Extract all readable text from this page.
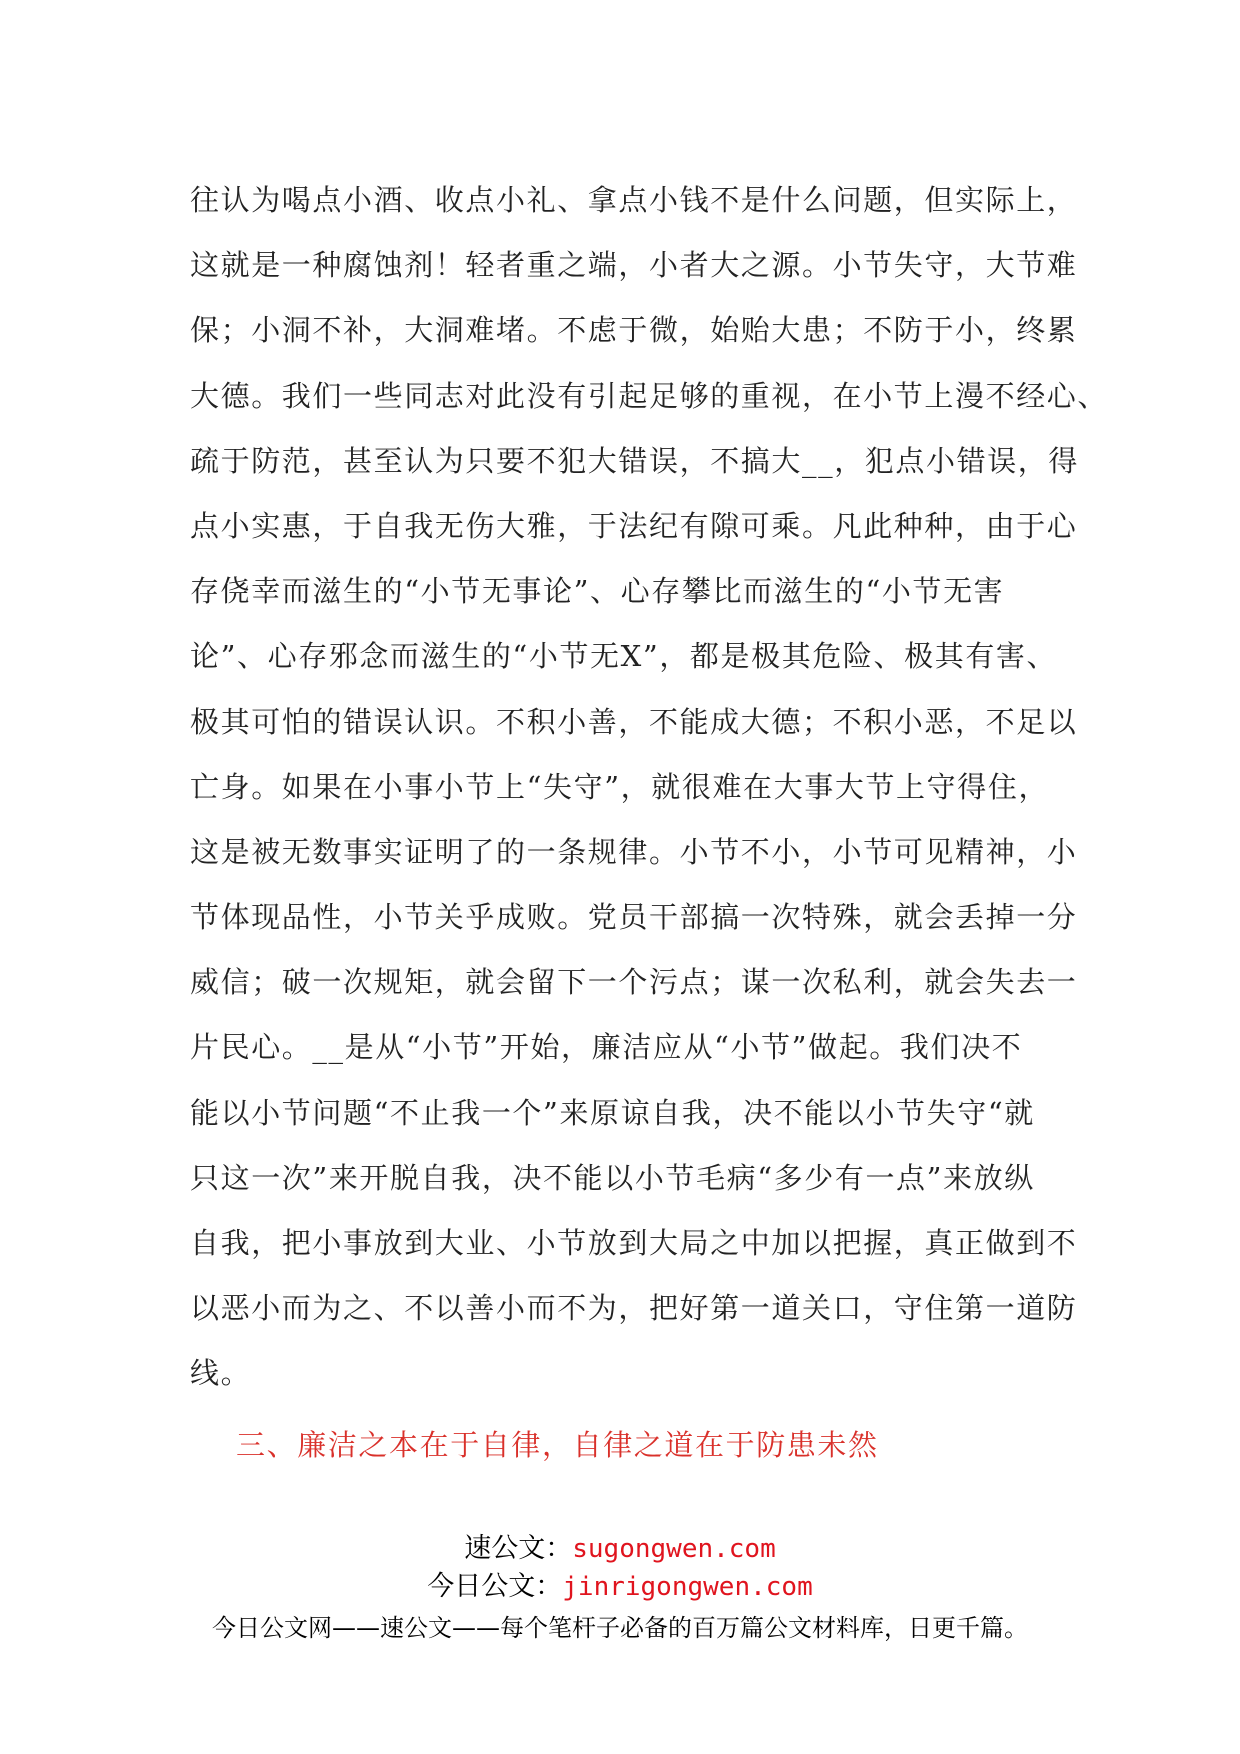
往认为喝点小酒、收点小礼、拿点小钱不是什么问题，但实际上，
这就是一种腐蚀剂！轻者重之端，小者大之源。小节失守，大节难
保；小洞不补，大洞难堵。不虑于微，始贻大患；不防于小，终累
大德。我们一些同志对此没有引起足够的重视，在小节上漫不经心、
疏于防范，甚至认为只要不犯大错误，不搞大__，犯点小错误，得
点小实惠，于自我无伤大雅，于法纪有隙可乘。凡此种种，由于心
存侥幸而滋生的“小节无事论”、心存攀比而滋生的“小节无害
论”、心存邪念而滋生的“小节无X”，都是极其危险、极其有害、
极其可怕的错误认识。不积小善，不能成大德；不积小恶，不足以
亡身。如果在小事小节上“失守”，就很难在大事大节上守得住，
这是被无数事实证明了的一条规律。小节不小，小节可见精神，小
节体现品性，小节关乎成败。党员干部搞一次特殊，就会丢掉一分
威信；破一次规矩，就会留下一个污点；谋一次私利，就会失去一
片民心。__是从“小节”开始，廉洁应从“小节”做起。我们决不
能以小节问题“不止我一个”来原谅自我，决不能以小节失守“就
只这一次”来开脱自我，决不能以小节毛病“多少有一点”来放纵
自我，把小事放到大业、小节放到大局之中加以把握，真正做到不
以恶小而为之、不以善小而不为，把好第一道关口，守住第一道防
线。
三、廉洁之本在于自律，自律之道在于防患未然
速公文：sugongwen.com
今日公文：jinrigongwen.com
今日公文网——速公文——每个笔杆子必备的百万篇公文材料库，日更千篇。
